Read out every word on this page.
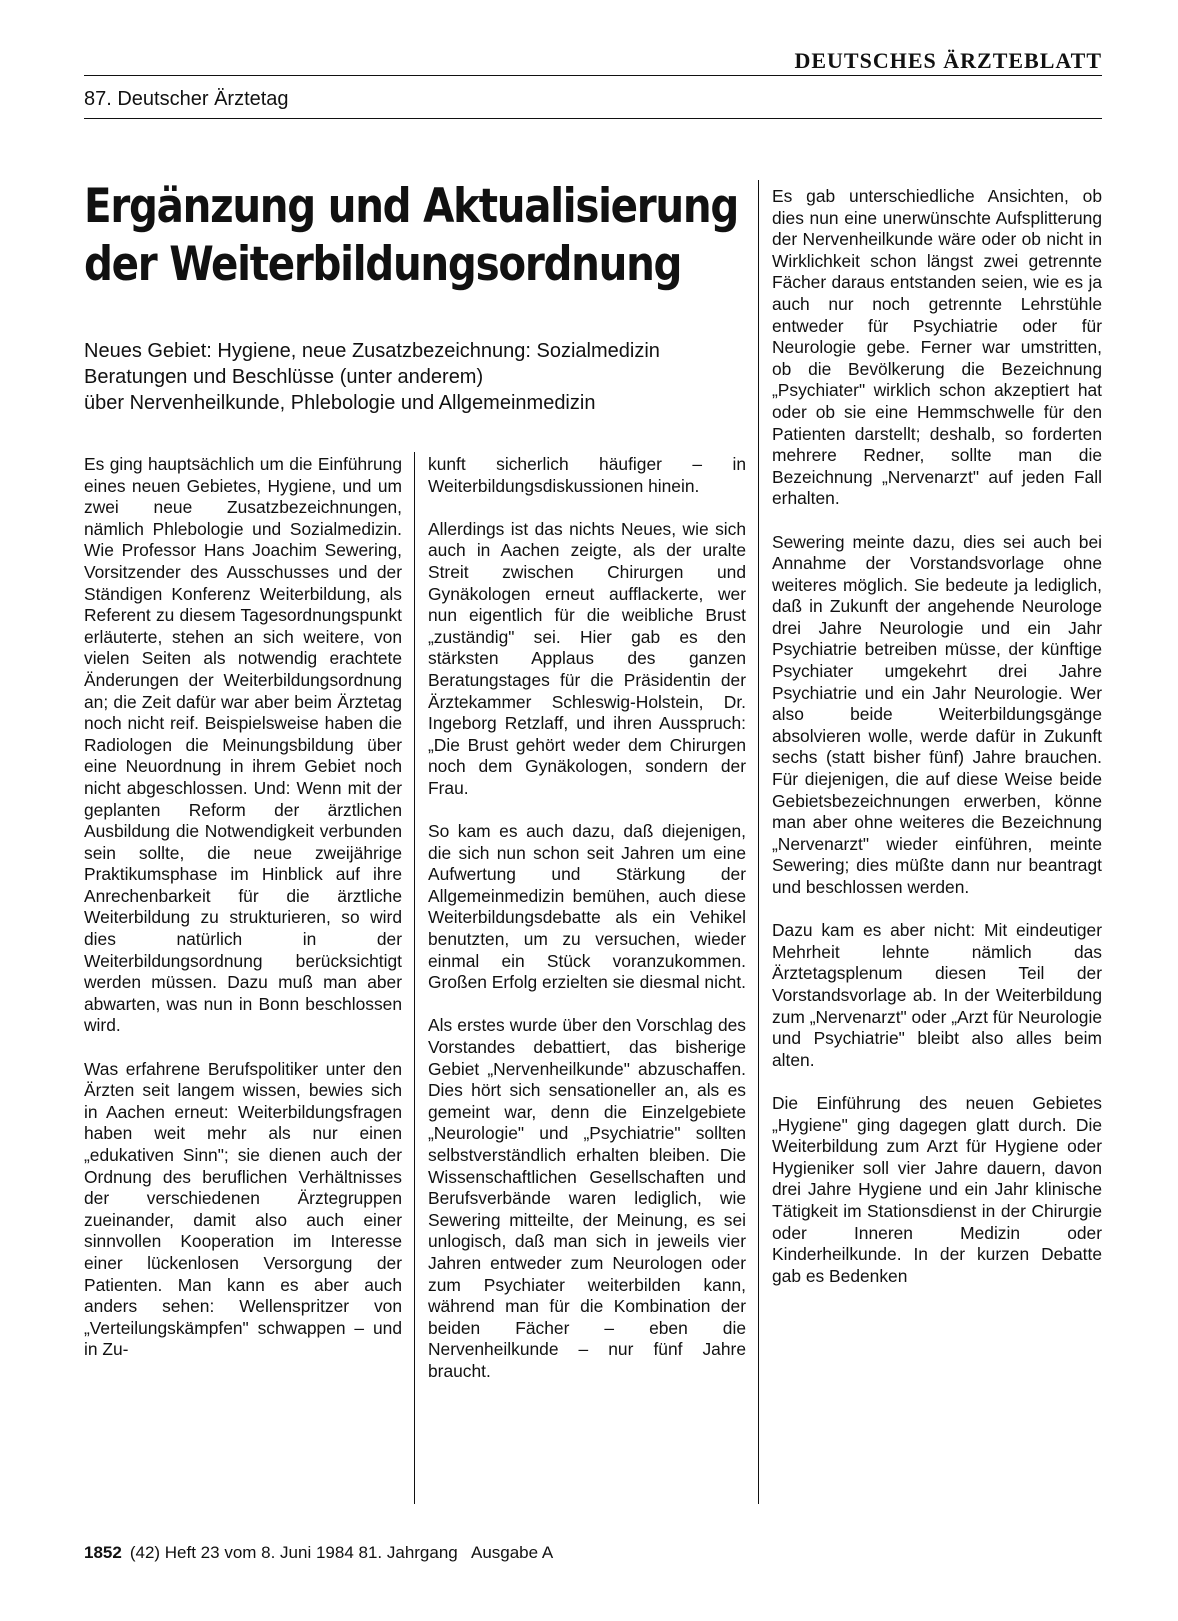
DEUTSCHES ÄRZTEBLATT
87. Deutscher Ärztetag
Ergänzung und Aktualisierung
der Weiterbildungsordnung
Neues Gebiet: Hygiene, neue Zusatzbezeichnung: Sozialmedizin
Beratungen und Beschlüsse (unter anderem)
über Nervenheilkunde, Phlebologie und Allgemeinmedizin

Es ging hauptsächlich um die Einführung eines neuen Gebietes, Hygiene, und um zwei neue Zusatzbezeichnungen, nämlich Phlebologie und Sozialmedizin. Wie Professor Hans Joachim Sewering, Vorsitzender des Ausschusses und der Ständigen Konferenz Weiterbildung, als Referent zu diesem Tagesordnungspunkt erläuterte, stehen an sich weitere, von vielen Seiten als notwendig erachtete Änderungen der Weiterbildungsordnung an; die Zeit dafür war aber beim Ärztetag noch nicht reif. Beispielsweise haben die Radiologen die Meinungsbildung über eine Neuordnung in ihrem Gebiet noch nicht abgeschlossen. Und: Wenn mit der geplanten Reform der ärztlichen Ausbildung die Notwendigkeit verbunden sein sollte, die neue zweijährige Praktikumsphase im Hinblick auf ihre Anrechenbarkeit für die ärztliche Weiterbildung zu strukturieren, so wird dies natürlich in der Weiterbildungsordnung berücksichtigt werden müssen. Dazu muß man aber abwarten, was nun in Bonn beschlossen wird.

Was erfahrene Berufspolitiker unter den Ärzten seit langem wissen, bewies sich in Aachen erneut: Weiterbildungsfragen haben weit mehr als nur einen „edukativen Sinn"; sie dienen auch der Ordnung des beruflichen Verhältnisses der verschiedenen Ärztegruppen zueinander, damit also auch einer sinnvollen Kooperation im Interesse einer lückenlosen Versorgung der Patienten. Man kann es aber auch anders sehen: Wellenspritzer von „Verteilungskämpfen" schwappen – und in Zu-

kunft sicherlich häufiger – in Weiterbildungsdiskussionen hinein.

Allerdings ist das nichts Neues, wie sich auch in Aachen zeigte, als der uralte Streit zwischen Chirurgen und Gynäkologen erneut aufflackerte, wer nun eigentlich für die weibliche Brust „zuständig" sei. Hier gab es den stärksten Applaus des ganzen Beratungstages für die Präsidentin der Ärztekammer Schleswig-Holstein, Dr. Ingeborg Retzlaff, und ihren Ausspruch: „Die Brust gehört weder dem Chirurgen noch dem Gynäkologen, sondern der Frau.

So kam es auch dazu, daß diejenigen, die sich nun schon seit Jahren um eine Aufwertung und Stärkung der Allgemeinmedizin bemühen, auch diese Weiterbildungsdebatte als ein Vehikel benutzten, um zu versuchen, wieder einmal ein Stück voranzukommen. Großen Erfolg erzielten sie diesmal nicht.

Als erstes wurde über den Vorschlag des Vorstandes debattiert, das bisherige Gebiet „Nervenheilkunde" abzuschaffen. Dies hört sich sensationeller an, als es gemeint war, denn die Einzelgebiete „Neurologie" und „Psychiatrie" sollten selbstverständlich erhalten bleiben. Die Wissenschaftlichen Gesellschaften und Berufsverbände waren lediglich, wie Sewering mitteilte, der Meinung, es sei unlogisch, daß man sich in jeweils vier Jahren entweder zum Neurologen oder zum Psychiater weiterbilden kann, während man für die Kombination der beiden Fächer – eben die Nervenheilkunde – nur fünf Jahre braucht.

Es gab unterschiedliche Ansichten, ob dies nun eine unerwünschte Aufsplitterung der Nervenheilkunde wäre oder ob nicht in Wirklichkeit schon längst zwei getrennte Fächer daraus entstanden seien, wie es ja auch nur noch getrennte Lehrstühle entweder für Psychiatrie oder für Neurologie gebe. Ferner war umstritten, ob die Bevölkerung die Bezeichnung „Psychiater" wirklich schon akzeptiert hat oder ob sie eine Hemmschwelle für den Patienten darstellt; deshalb, so forderten mehrere Redner, sollte man die Bezeichnung „Nervenarzt" auf jeden Fall erhalten.

Sewering meinte dazu, dies sei auch bei Annahme der Vorstandsvorlage ohne weiteres möglich. Sie bedeute ja lediglich, daß in Zukunft der angehende Neurologe drei Jahre Neurologie und ein Jahr Psychiatrie betreiben müsse, der künftige Psychiater umgekehrt drei Jahre Psychiatrie und ein Jahr Neurologie. Wer also beide Weiterbildungsgänge absolvieren wolle, werde dafür in Zukunft sechs (statt bisher fünf) Jahre brauchen. Für diejenigen, die auf diese Weise beide Gebietsbezeichnungen erwerben, könne man aber ohne weiteres die Bezeichnung „Nervenarzt" wieder einführen, meinte Sewering; dies müßte dann nur beantragt und beschlossen werden.

Dazu kam es aber nicht: Mit eindeutiger Mehrheit lehnte nämlich das Ärztetagsplenum diesen Teil der Vorstandsvorlage ab. In der Weiterbildung zum „Nervenarzt" oder „Arzt für Neurologie und Psychiatrie" bleibt also alles beim alten.

Die Einführung des neuen Gebietes „Hygiene" ging dagegen glatt durch. Die Weiterbildung zum Arzt für Hygiene oder Hygieniker soll vier Jahre dauern, davon drei Jahre Hygiene und ein Jahr klinische Tätigkeit im Stationsdienst in der Chirurgie oder Inneren Medizin oder Kinderheilkunde. In der kurzen Debatte gab es Bedenken

1852 (42) Heft 23 vom 8. Juni 1984 81. Jahrgang   Ausgabe A
